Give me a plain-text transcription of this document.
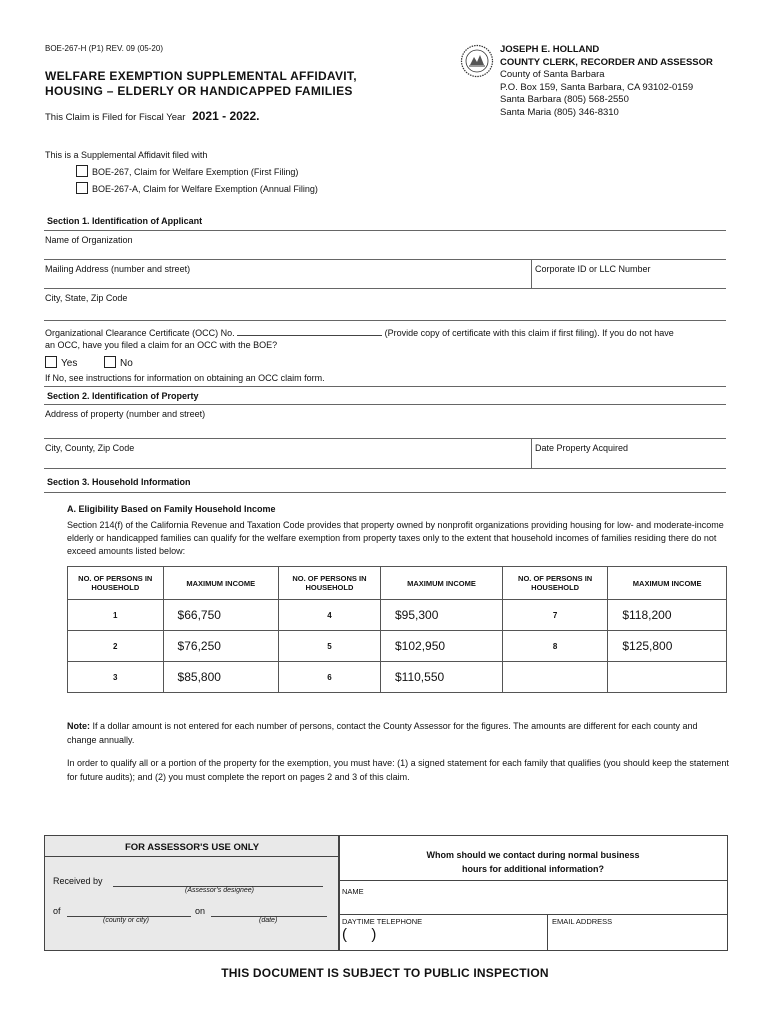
BOE-267-H (P1) REV. 09 (05-20)
WELFARE EXEMPTION SUPPLEMENTAL AFFIDAVIT,
HOUSING – ELDERLY OR HANDICAPPED FAMILIES
This Claim is Filed for Fiscal Year 2021 - 2022.
JOSEPH E. HOLLAND
COUNTY CLERK, RECORDER AND ASSESSOR
County of Santa Barbara
P.O. Box 159, Santa Barbara, CA 93102-0159
Santa Barbara (805) 568-2550
Santa Maria (805) 346-8310
This is a Supplemental Affidavit filed with
BOE-267, Claim for Welfare Exemption (First Filing)
BOE-267-A, Claim for Welfare Exemption (Annual Filing)
Section 1. Identification of Applicant
Name of Organization
Mailing Address (number and street)	Corporate ID or LLC Number
City, State, Zip Code
Organizational Clearance Certificate (OCC) No.	(Provide copy of certificate with this claim if first filing). If you do not have
an OCC, have you filed a claim for an OCC with the BOE?
Yes	No
If No, see instructions for information on obtaining an OCC claim form.
Section 2. Identification of Property
Address of property (number and street)
City, County, Zip Code	Date Property Acquired
Section 3. Household Information
A. Eligibility Based on Family Household Income
Section 214(f) of the California Revenue and Taxation Code provides that property owned by nonprofit organizations providing housing for low- and moderate-income elderly or handicapped families can qualify for the welfare exemption from property taxes only to the extent that household incomes of families residing there do not exceed amounts listed below:
NO. OF PERSONS IN HOUSEHOLD	MAXIMUM INCOME	NO. OF PERSONS IN HOUSEHOLD	MAXIMUM INCOME	NO. OF PERSONS IN HOUSEHOLD	MAXIMUM INCOME
1	$66,750	4	$95,300	7	$118,200
2	$76,250	5	$102,950	8	$125,800
3	$85,800	6	$110,550		
Note: If a dollar amount is not entered for each number of persons, contact the County Assessor for the figures. The amounts are different for each county and change annually.
In order to qualify all or a portion of the property for the exemption, you must have: (1) a signed statement for each family that qualifies (you should keep the statement for future audits); and (2) you must complete the report on pages 2 and 3 of this claim.
FOR ASSESSOR'S USE ONLY
Received by
(Assessor’s designee)
of	on
(county or city)	(date)
Whom should we contact during normal business
hours for additional information?
NAME
DAYTIME TELEPHONE
( )
EMAIL ADDRESS
THIS DOCUMENT IS SUBJECT TO PUBLIC INSPECTION
